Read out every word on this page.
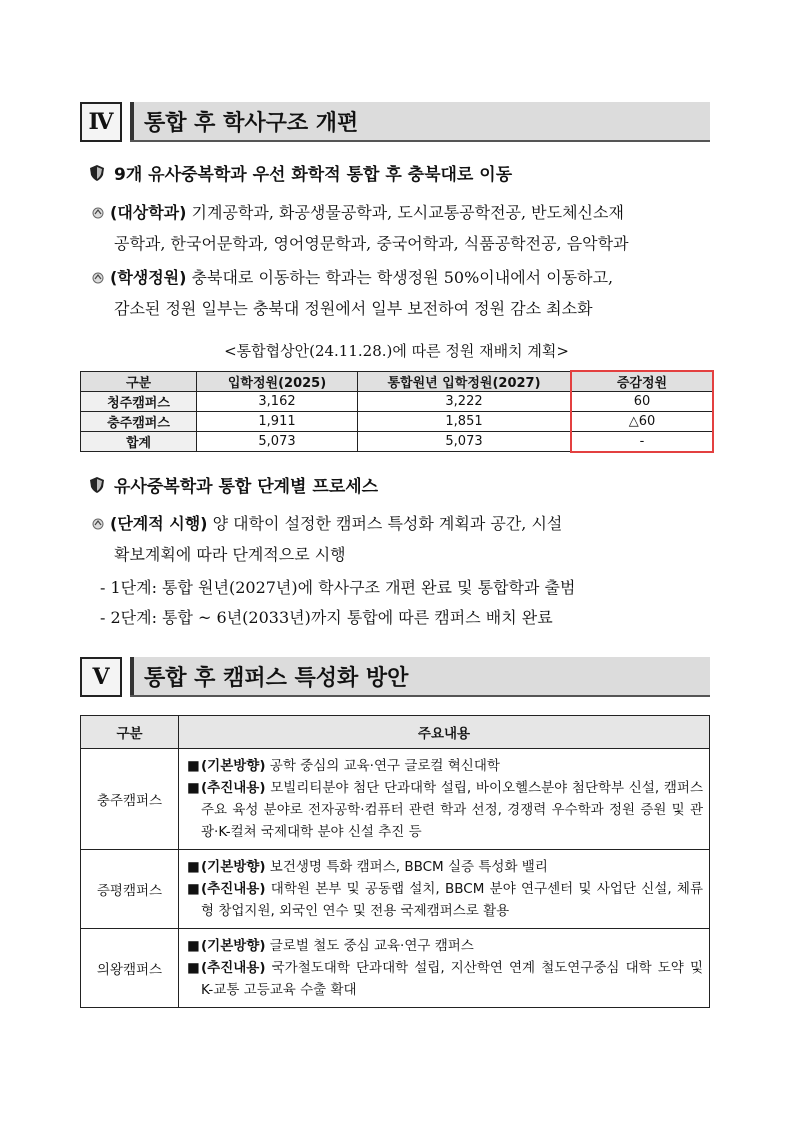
Ⅳ	통합 후 학사구조 개편
9개 유사중복학과 우선 화학적 통합 후 충북대로 이동
(대상학과) 기계공학과, 화공생물공학과, 도시교통공학전공, 반도체신소재
공학과, 한국어문학과, 영어영문학과, 중국어학과, 식품공학전공, 음악학과
(학생정원) 충북대로 이동하는 학과는 학생정원 50%이내에서 이동하고,
감소된 정원 일부는 충북대 정원에서 일부 보전하여 정원 감소 최소화
<통합협상안(24.11.28.)에 따른 정원 재배치 계획>
구분	입학정원(2025)	통합원년 입학정원(2027)	증감정원
청주캠퍼스	3,162	3,222	60
충주캠퍼스	1,911	1,851	△60
합계	5,073	5,073	-
유사중복학과 통합 단계별 프로세스
(단계적 시행) 양 대학이 설정한 캠퍼스 특성화 계획과 공간, 시설
확보계획에 따라 단계적으로 시행
- 1단계: 통합 원년(2027년)에 학사구조 개편 완료 및 통합학과 출범
- 2단계: 통합 ~ 6년(2033년)까지 통합에 따른 캠퍼스 배치 완료
Ⅴ	통합 후 캠퍼스 특성화 방안
구분	주요내용
충주캠퍼스	■ (기본방향) 공학 중심의 교육·연구 글로컬 혁신대학
■ (추진내용) 모빌리티분야 첨단 단과대학 설립, 바이오헬스분야 첨단학부 신설, 캠퍼스 주요 육성 분야로 전자공학·컴퓨터 관련 학과 선정, 경쟁력 우수학과 정원 증원 및 관광·K-컬쳐 국제대학 분야 신설 추진 등

증평캠퍼스	■ (기본방향) 보건생명 특화 캠퍼스, BBCM 실증 특성화 밸리
■ (추진내용) 대학원 본부 및 공동랩 설치, BBCM 분야 연구센터 및 사업단 신설, 체류형 창업지원, 외국인 연수 및 전용 국제캠퍼스로 활용

의왕캠퍼스	■ (기본방향) 글로벌 철도 중심 교육·연구 캠퍼스
■ (추진내용) 국가철도대학 단과대학 설립, 지산학연 연계 철도연구중심 대학 도약 및 K-교통 고등교육 수출 확대
